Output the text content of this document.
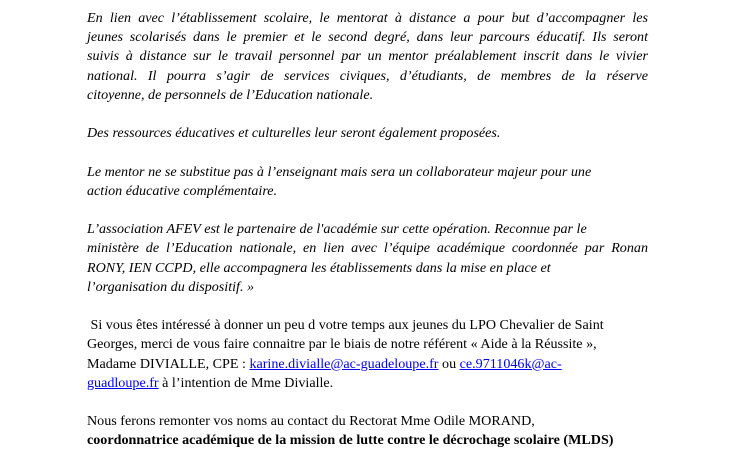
En lien avec l’établissement scolaire, le mentorat à distance a pour but d’accompagner les
jeunes scolarisés dans le premier et le second degré, dans leur parcours éducatif. Ils seront
suivis à distance sur le travail personnel par un mentor préalablement inscrit dans le vivier
national. Il pourra s’agir de services civiques, d’étudiants, de membres de la réserve
citoyenne, de personnels de l’Education nationale.
Des ressources éducatives et culturelles leur seront également proposées.
Le mentor ne se substitue pas à l’enseignant mais sera un collaborateur majeur pour une
action éducative complémentaire.
L’association AFEV est le partenaire de l'académie sur cette opération. Reconnue par le
ministère de l’Education nationale, en lien avec l’équipe académique coordonnée par Ronan
RONY, IEN CCPD, elle accompagnera les établissements dans la mise en place et
l’organisation du dispositif. »
Si vous êtes intéressé à donner un peu d votre temps aux jeunes du LPO Chevalier de Saint
Georges, merci de vous faire connaitre par le biais de notre référent « Aide à la Réussite »,
Madame DIVIALLE, CPE : karine.divialle@ac-guadeloupe.fr ou ce.9711046k@ac-
guadloupe.fr à l’intention de Mme Divialle.
Nous ferons remonter vos noms au contact du Rectorat Mme Odile MORAND,
coordonnatrice académique de la mission de lutte contre le décrochage scolaire (MLDS)
